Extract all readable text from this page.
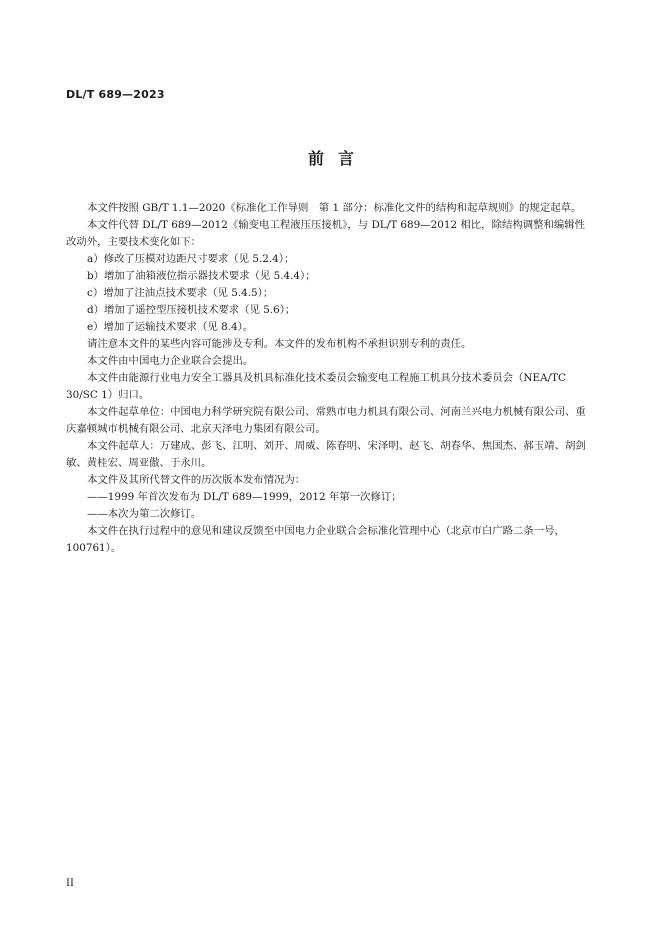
DL/T 689—2023
前言

本文件按照 GB/T 1.1—2020《标准化工作导则　第 1 部分：标准化文件的结构和起草规则》的规定起草。

本文件代替 DL/T 689—2012《输变电工程液压压接机》，与 DL/T 689—2012 相比，除结构调整和编辑性改动外，主要技术变化如下：

a）修改了压模对边距尺寸要求（见 5.2.4）；

b）增加了油箱液位指示器技术要求（见 5.4.4）；

c）增加了注油点技术要求（见 5.4.5）；

d）增加了遥控型压接机技术要求（见 5.6）；

e）增加了运输技术要求（见 8.4）。

请注意本文件的某些内容可能涉及专利。本文件的发布机构不承担识别专利的责任。

本文件由中国电力企业联合会提出。

本文件由能源行业电力安全工器具及机具标准化技术委员会输变电工程施工机具分技术委员会（NEA/TC 30/SC 1）归口。

本文件起草单位：中国电力科学研究院有限公司、常熟市电力机具有限公司、河南兰兴电力机械有限公司、重庆嘉顿城市机械有限公司、北京天泽电力集团有限公司。

本文件起草人：万建成、彭飞、江明、刘开、周威、陈春明、宋泽明、赵飞、胡春华、焦国杰、郝玉靖、胡剑敏、黄桂宏、周亚傲、于永川。

本文件及其所代替文件的历次版本发布情况为：

——1999 年首次发布为 DL/T 689—1999，2012 年第一次修订；

——本次为第二次修订。

本文件在执行过程中的意见和建议反馈至中国电力企业联合会标准化管理中心（北京市白广路二条一号，100761）。

II
